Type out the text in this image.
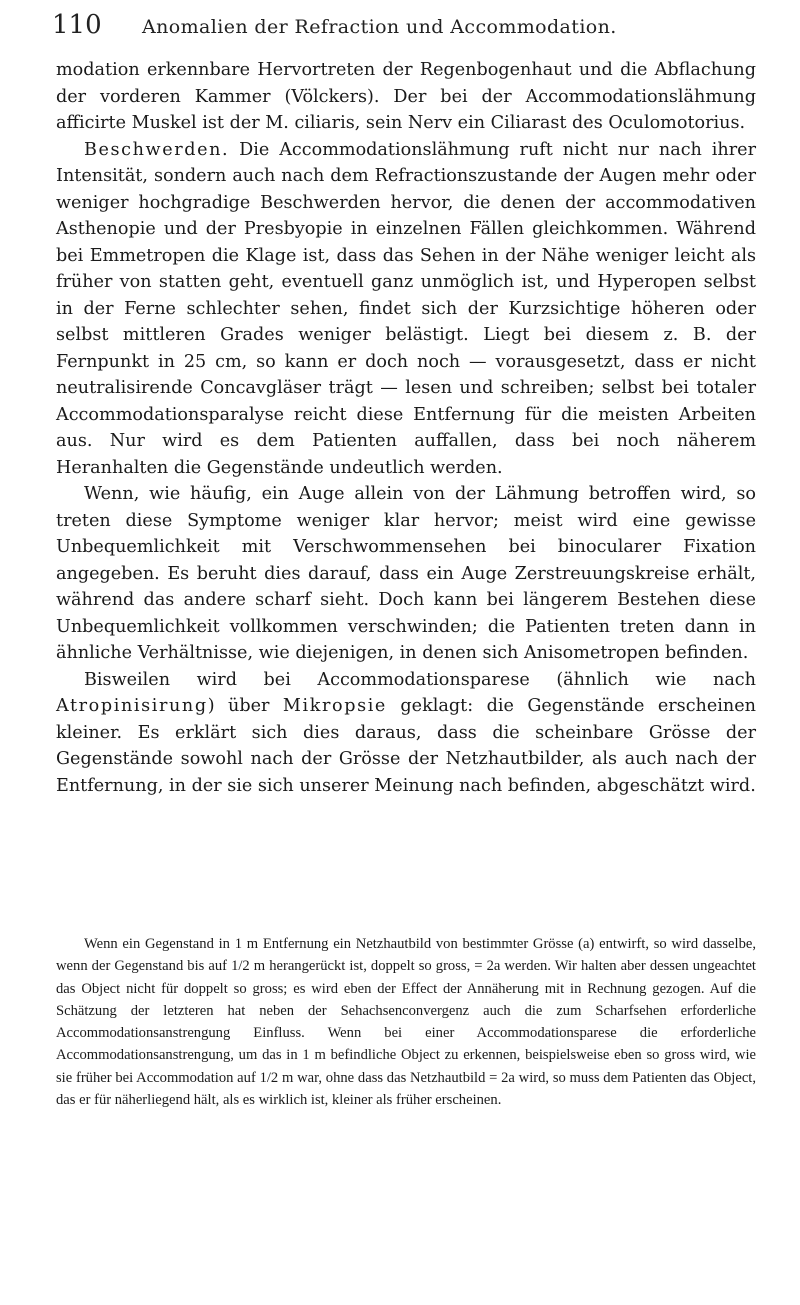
110 Anomalien der Refraction und Accommodation.

modation erkennbare Hervortreten der Regenbogenhaut und die Abflachung der vorderen Kammer (Völckers). Der bei der Accommodationslähmung afficirte Muskel ist der M. ciliaris, sein Nerv ein Ciliarast des Oculomotorius.

Beschwerden. Die Accommodationslähmung ruft nicht nur nach ihrer Intensität, sondern auch nach dem Refractionszustande der Augen mehr oder weniger hochgradige Beschwerden hervor, die denen der accommodativen Asthenopie und der Presbyopie in einzelnen Fällen gleichkommen. Während bei Emmetropen die Klage ist, dass das Sehen in der Nähe weniger leicht als früher von statten geht, eventuell ganz unmöglich ist, und Hyperopen selbst in der Ferne schlechter sehen, findet sich der Kurzsichtige höheren oder selbst mittleren Grades weniger belästigt. Liegt bei diesem z. B. der Fernpunkt in 25 cm, so kann er doch noch — vorausgesetzt, dass er nicht neutralisirende Concavgläser trägt — lesen und schreiben; selbst bei totaler Accommodationsparalyse reicht diese Entfernung für die meisten Arbeiten aus. Nur wird es dem Patienten auffallen, dass bei noch näherem Heranhalten die Gegenstände undeutlich werden.

Wenn, wie häufig, ein Auge allein von der Lähmung betroffen wird, so treten diese Symptome weniger klar hervor; meist wird eine gewisse Unbequemlichkeit mit Verschwommensehen bei binocularer Fixation angegeben. Es beruht dies darauf, dass ein Auge Zerstreuungskreise erhält, während das andere scharf sieht. Doch kann bei längerem Bestehen diese Unbequemlichkeit vollkommen verschwinden; die Patienten treten dann in ähnliche Verhältnisse, wie diejenigen, in denen sich Anisometropen befinden.

Bisweilen wird bei Accommodationsparese (ähnlich wie nach Atropinisirung) über Mikropsie geklagt: die Gegenstände erscheinen kleiner. Es erklärt sich dies daraus, dass die scheinbare Grösse der Gegenstände sowohl nach der Grösse der Netzhautbilder, als auch nach der Entfernung, in der sie sich unserer Meinung nach befinden, abgeschätzt wird.

Wenn ein Gegenstand in 1 m Entfernung ein Netzhautbild von bestimmter Grösse (a) entwirft, so wird dasselbe, wenn der Gegenstand bis auf 1/2 m herangerückt ist, doppelt so gross, = 2a werden. Wir halten aber dessen ungeachtet das Object nicht für doppelt so gross; es wird eben der Effect der Annäherung mit in Rechnung gezogen. Auf die Schätzung der letzteren hat neben der Sehachsenconvergenz auch die zum Scharfsehen erforderliche Accommodationsanstrengung Einfluss. Wenn bei einer Accommodationsparese die erforderliche Accommodationsanstrengung, um das in 1 m befindliche Object zu erkennen, beispielsweise eben so gross wird, wie sie früher bei Accommodation auf 1/2 m war, ohne dass das Netzhautbild = 2a wird, so muss dem Patienten das Object, das er für näherliegend hält, als es wirklich ist, kleiner als früher erscheinen.
